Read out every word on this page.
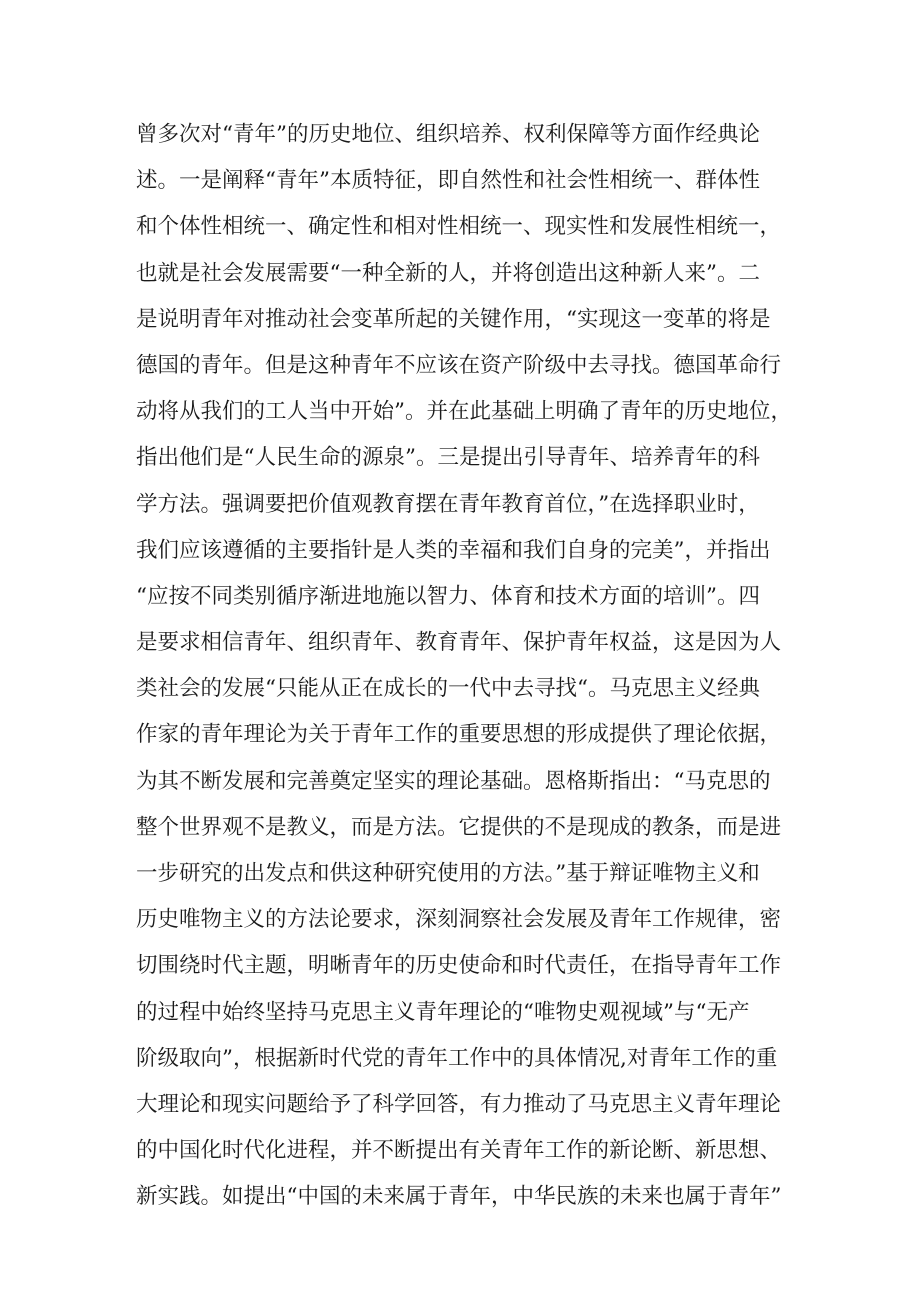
曾多次对“青年”的历史地位、组织培养、权利保障等方面作经典论
述。一是阐释“青年”本质特征，即自然性和社会性相统一、群体性
和个体性相统一、确定性和相对性相统一、现实性和发展性相统一，
也就是社会发展需要“一种全新的人，并将创造出这种新人来”。二
是说明青年对推动社会变革所起的关键作用，“实现这一变革的将是
德国的青年。但是这种青年不应该在资产阶级中去寻找。德国革命行
动将从我们的工人当中开始”。并在此基础上明确了青年的历史地位，
指出他们是“人民生命的源泉”。三是提出引导青年、培养青年的科
学方法。强调要把价值观教育摆在青年教育首位，”在选择职业时，
我们应该遵循的主要指针是人类的幸福和我们自身的完美”，并指出
“应按不同类别循序渐进地施以智力、体育和技术方面的培训”。四
是要求相信青年、组织青年、教育青年、保护青年权益，这是因为人
类社会的发展“只能从正在成长的一代中去寻找“。马克思主义经典
作家的青年理论为关于青年工作的重要思想的形成提供了理论依据，
为其不断发展和完善奠定坚实的理论基础。恩格斯指出：“马克思的
整个世界观不是教义，而是方法。它提供的不是现成的教条，而是进
一步研究的出发点和供这种研究使用的方法。”基于辩证唯物主义和
历史唯物主义的方法论要求，深刻洞察社会发展及青年工作规律，密
切围绕时代主题，明晰青年的历史使命和时代责任，在指导青年工作
的过程中始终坚持马克思主义青年理论的“唯物史观视域”与“无产
阶级取向”，根据新时代党的青年工作中的具体情况,对青年工作的重
大理论和现实问题给予了科学回答，有力推动了马克思主义青年理论
的中国化时代化进程，并不断提出有关青年工作的新论断、新思想、
新实践。如提出“中国的未来属于青年，中华民族的未来也属于青年”
